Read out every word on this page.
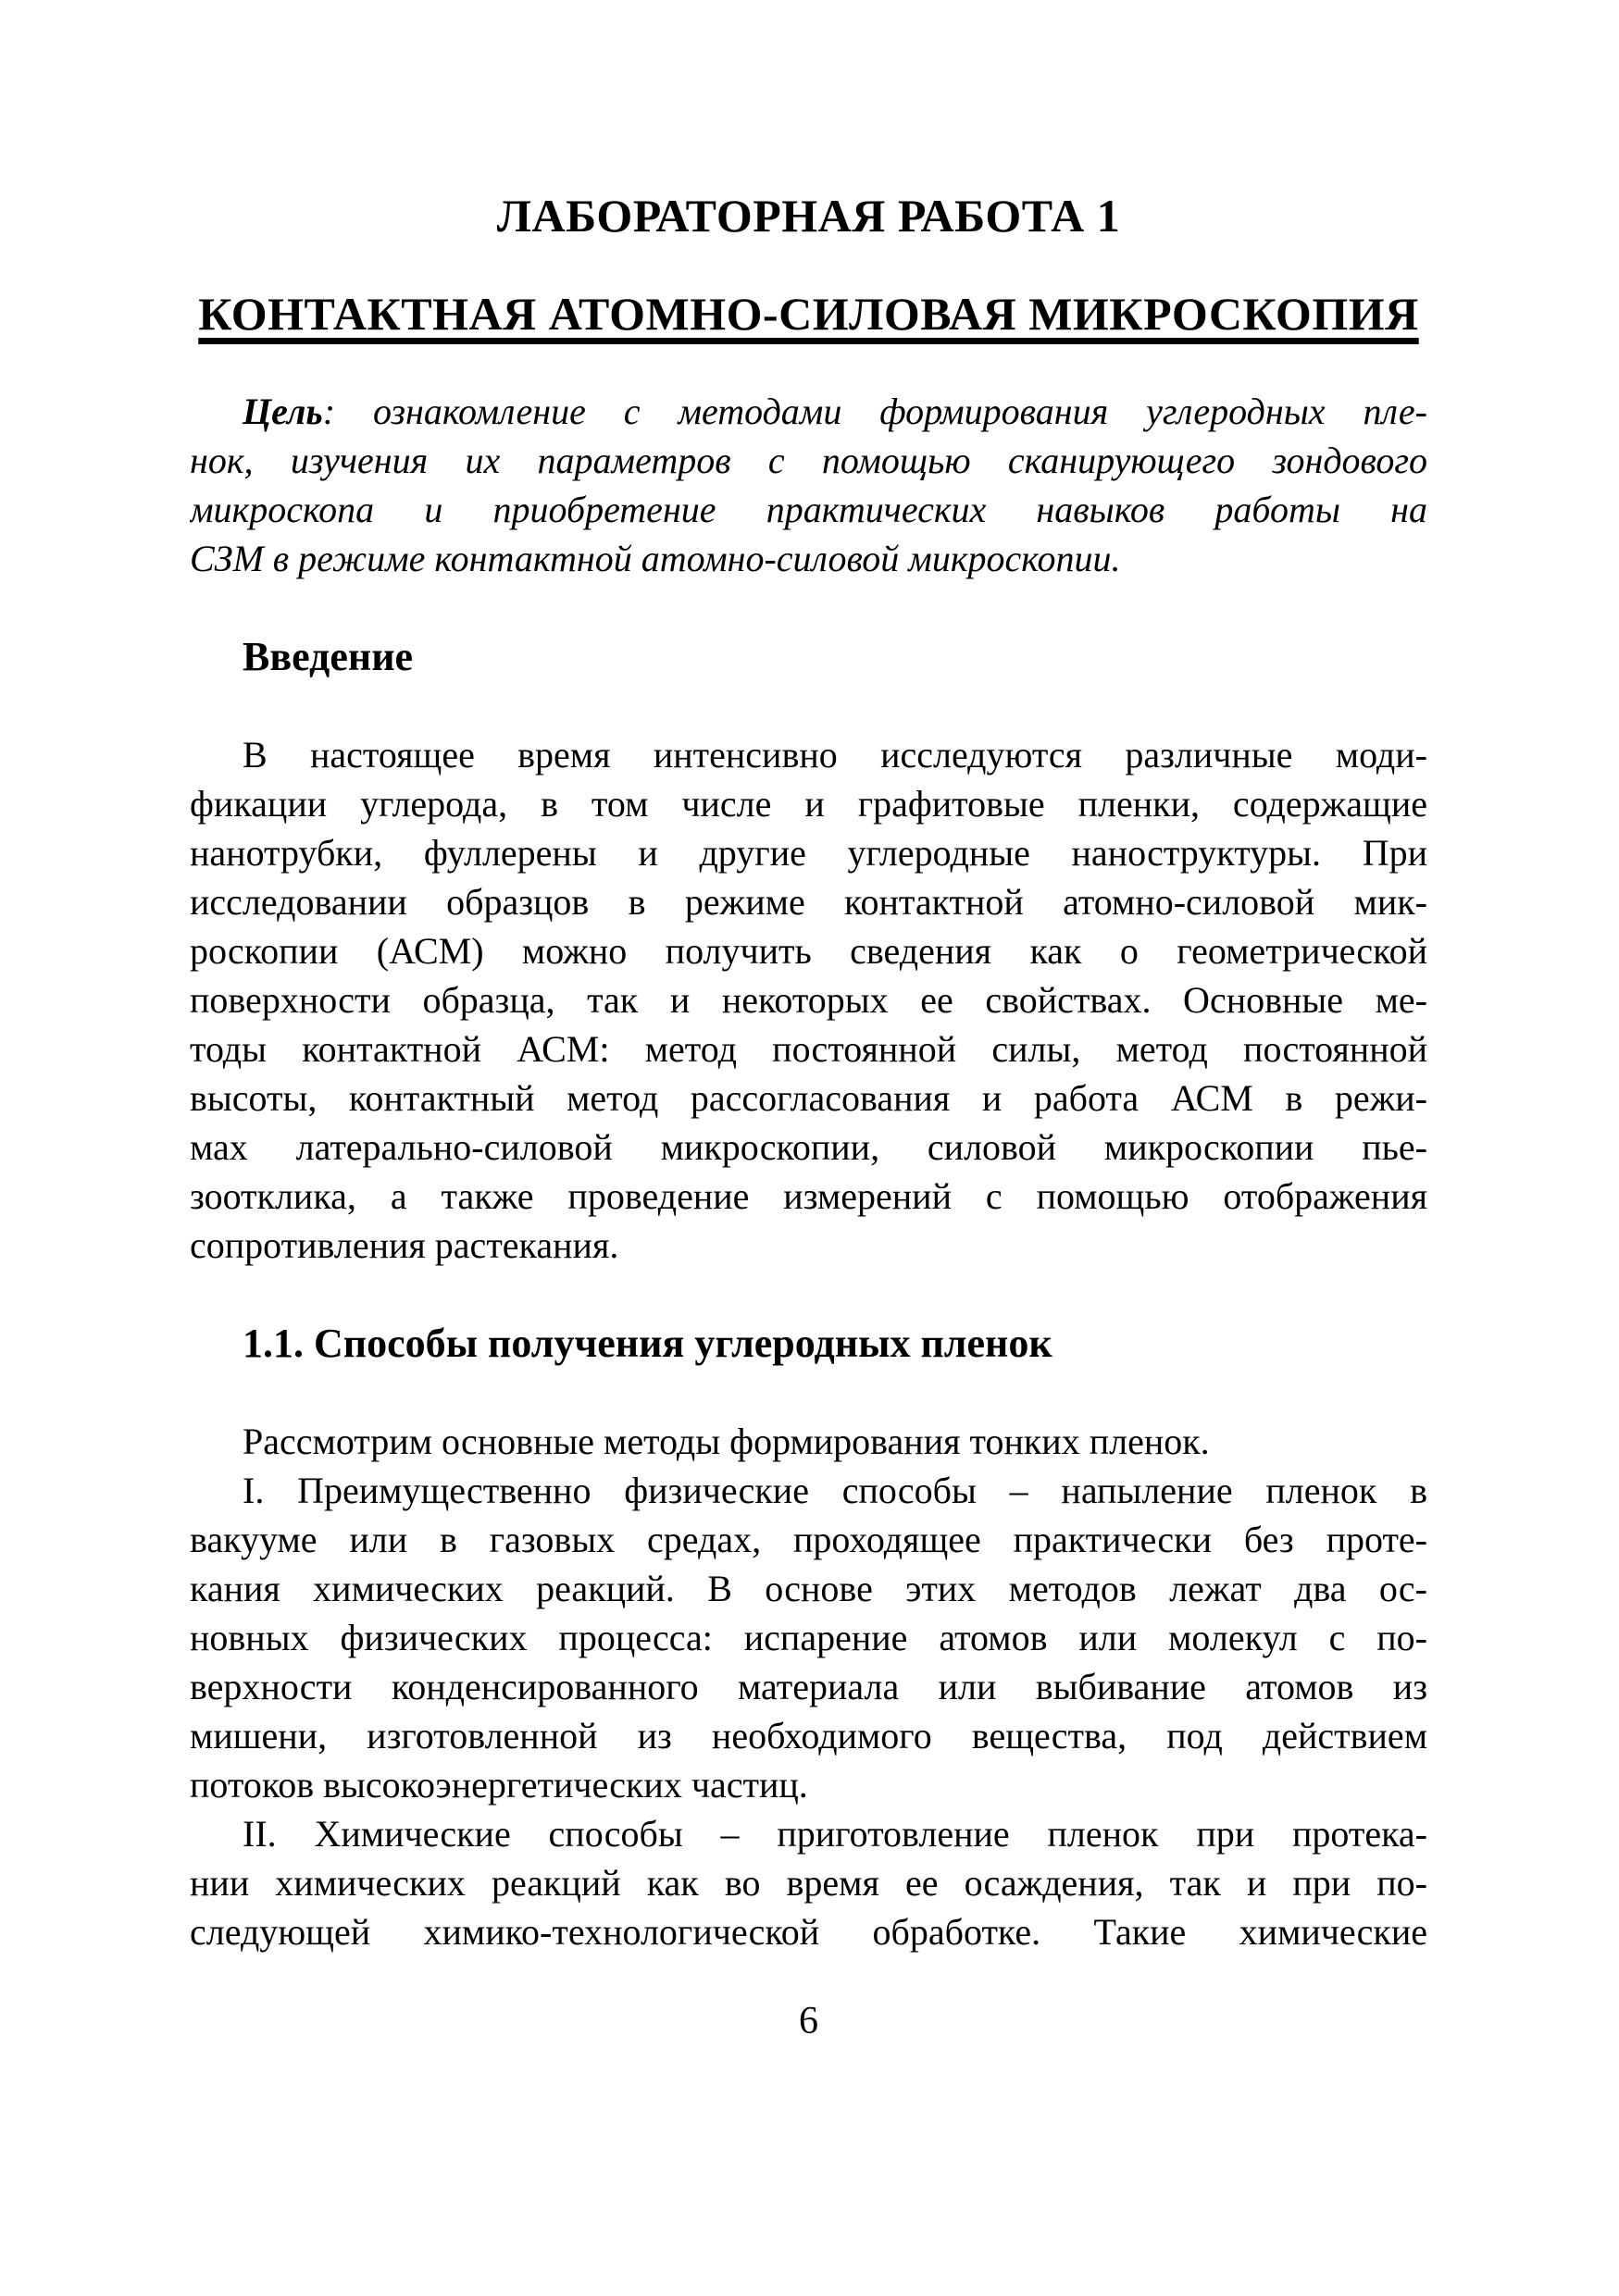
ЛАБОРАТОРНАЯ РАБОТА 1
КОНТАКТНАЯ АТОМНО-СИЛОВАЯ МИКРОСКОПИЯ
Цель: ознакомление с методами формирования углеродных пле-
нок, изучения их параметров с помощью сканирующего зондового
микроскопа и приобретение практических навыков работы на
СЗМ в режиме контактной атомно-силовой микроскопии.
Введение
В настоящее время интенсивно исследуются различные моди-
фикации углерода, в том числе и графитовые пленки, содержащие
нанотрубки, фуллерены и другие углеродные наноструктуры. При
исследовании образцов в режиме контактной атомно-силовой мик-
роскопии (АСМ) можно получить сведения как о геометрической
поверхности образца, так и некоторых ее свойствах. Основные ме-
тоды контактной АСМ: метод постоянной силы, метод постоянной
высоты, контактный метод рассогласования и работа АСМ в режи-
мах латерально-силовой микроскопии, силовой микроскопии пье-
зоотклика, а также проведение измерений с помощью отображения
сопротивления растекания.
1.1. Способы получения углеродных пленок
Рассмотрим основные методы формирования тонких пленок.
I. Преимущественно физические способы – напыление пленок в
вакууме или в газовых средах, проходящее практически без проте-
кания химических реакций. В основе этих методов лежат два ос-
новных физических процесса: испарение атомов или молекул с по-
верхности конденсированного материала или выбивание атомов из
мишени, изготовленной из необходимого вещества, под действием
потоков высокоэнергетических частиц.
II. Химические способы – приготовление пленок при протека-
нии химических реакций как во время ее осаждения, так и при по-
следующей химико-технологической обработке. Такие химические
6
